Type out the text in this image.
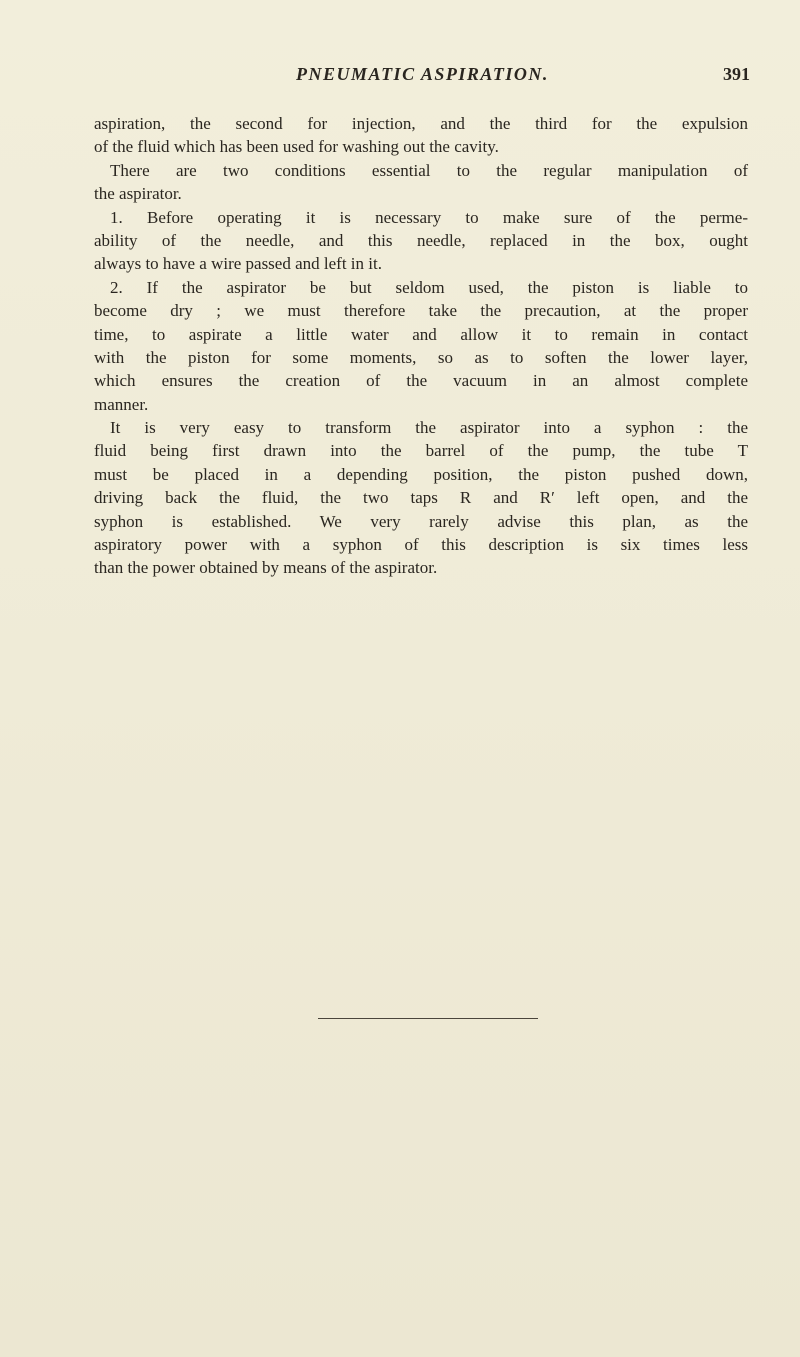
PNEUMATIC ASPIRATION.	391
aspiration, the second for injection, and the third for the expulsion
of the fluid which has been used for washing out the cavity.
There are two conditions essential to the regular manipulation of
the aspirator.
1. Before operating it is necessary to make sure of the perme-
ability of the needle, and this needle, replaced in the box, ought
always to have a wire passed and left in it.
2. If the aspirator be but seldom used, the piston is liable to
become dry ; we must therefore take the precaution, at the proper
time, to aspirate a little water and allow it to remain in contact
with the piston for some moments, so as to soften the lower layer,
which ensures the creation of the vacuum in an almost complete
manner.
It is very easy to transform the aspirator into a syphon : the
fluid being first drawn into the barrel of the pump, the tube T
must be placed in a depending position, the piston pushed down,
driving back the fluid, the two taps R and R′ left open, and the
syphon is established. We very rarely advise this plan, as the
aspiratory power with a syphon of this description is six times less
than the power obtained by means of the aspirator.
